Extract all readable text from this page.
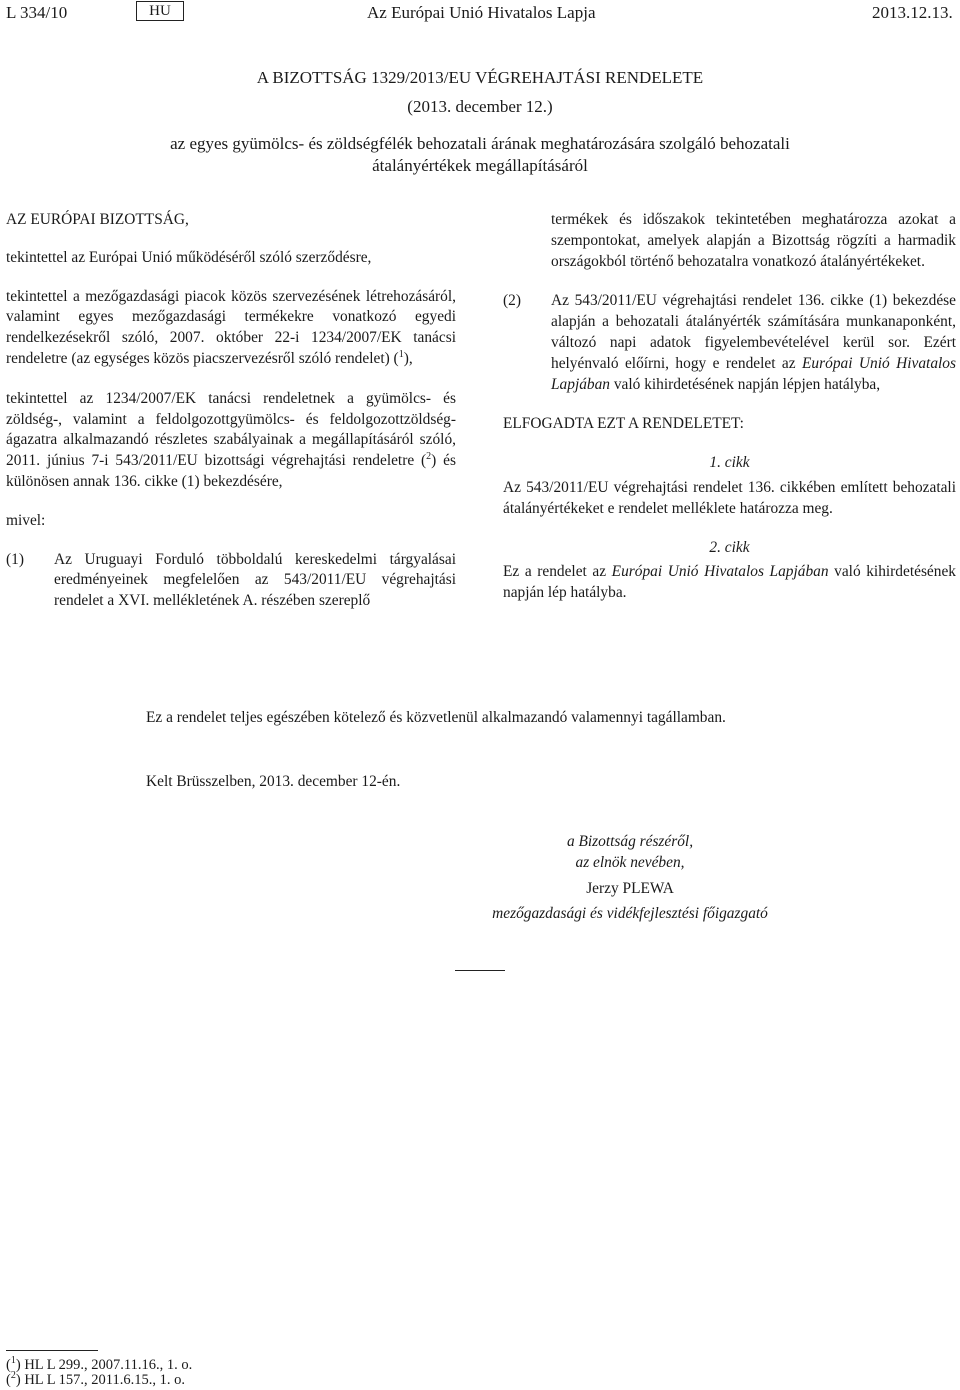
L 334/10	HU	Az Európai Unió Hivatalos Lapja	2013.12.13.
A BIZOTTSÁG 1329/2013/EU VÉGREHAJTÁSI RENDELETE
(2013. december 12.)
az egyes gyümölcs- és zöldségfélék behozatali árának meghatározására szolgáló behozatali
átalányértékek megállapításáról

AZ EURÓPAI BIZOTTSÁG,

tekintettel az Európai Unió működéséről szóló szerződésre,

tekintettel a mezőgazdasági piacok közös szervezésének létrehozásáról, valamint egyes mezőgazdasági termékekre vonatkozó egyedi rendelkezésekről szóló, 2007. október 22-i 1234/2007/EK tanácsi rendeletre (az egységes közös piacszervezésről szóló rendelet) ($^1$),

tekintettel az 1234/2007/EK tanácsi rendeletnek a gyümölcs- és zöldség-, valamint a feldolgozottgyümölcs- és feldolgozottzöldség-ágazatra alkalmazandó részletes szabályainak a megállapításáról szóló, 2011. június 7-i 543/2011/EU bizottsági végrehajtási rendeletre ($^2$) és különösen annak 136. cikke (1) bekezdésére,

mivel:

(1)	Az Uruguayi Forduló többoldalú kereskedelmi tárgyalásai eredményeinek megfelelően az 543/2011/EU végrehajtási rendelet a XVI. mellékletének A. részében szereplő
termékek és időszakok tekintetében meghatározza azokat a szempontokat, amelyek alapján a Bizottság rögzíti a harmadik országokból történő behozatalra vonatkozó átalányértékeket.
(2)	Az 543/2011/EU végrehajtási rendelet 136. cikke (1) bekezdése alapján a behozatali átalányérték számítására munkanaponként, változó napi adatok figyelembevételével kerül sor. Ezért helyénvaló előírni, hogy e rendelet az Európai Unió Hivatalos Lapjában való kihirdetésének napján lépjen hatályba,

ELFOGADTA EZT A RENDELETET:

1. cikk

Az 543/2011/EU végrehajtási rendelet 136. cikkében említett behozatali átalányértékeket e rendelet melléklete határozza meg.

2. cikk

Ez a rendelet az Európai Unió Hivatalos Lapjában való kihirdetésének napján lép hatályba.

Ez a rendelet teljes egészében kötelező és közvetlenül alkalmazandó valamennyi tagállamban.
Kelt Brüsszelben, 2013. december 12-én.
a Bizottság részéről,
az elnök nevében,
Jerzy PLEWA
mezőgazdasági és vidékfejlesztési főigazgató
($^1$) HL L 299., 2007.11.16., 1. o.
($^2$) HL L 157., 2011.6.15., 1. o.
